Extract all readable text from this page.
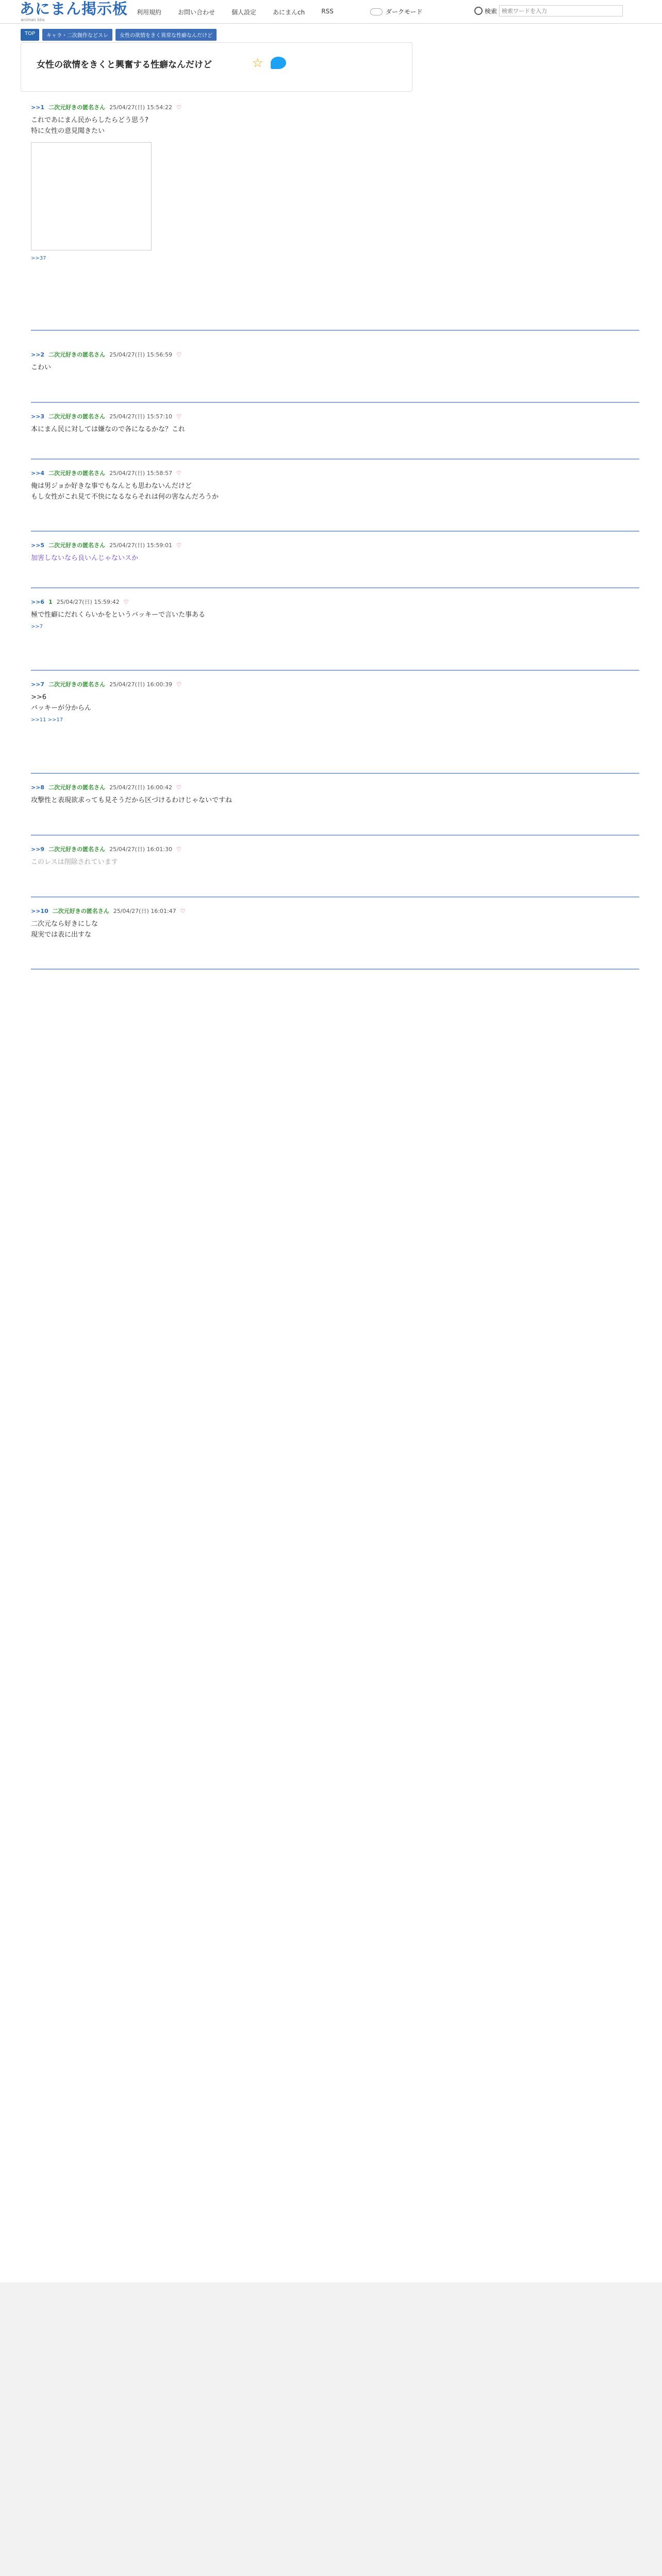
あにまん掲示板
animan bbs
利用規約	お問い合わせ	個人設定	あにまんch	RSS	ダークモード	検索
検索ワードを入力
TOP	キャラ・二次創作などスレ	女性の欲情をきく異常な性癖なんだけど
女性の欲情をきくと興奮する性癖なんだけど	☆
>>1 二次元好きの匿名さん 25/04/27(日) 15:54:22 ♡
これであにまん民からしたらどう思う?
特に女性の意見聞きたい
>>37
>>2 二次元好きの匿名さん 25/04/27(日) 15:56:59 ♡
こわい
>>3 二次元好きの匿名さん 25/04/27(日) 15:57:10 ♡
本にまん民に対しては嫌なので各になるかな？これ
>>4 二次元好きの匿名さん 25/04/27(日) 15:58:57 ♡
俺は男ジョか好きな事でもなんとも思わないんだけど
もし女性がこれ見て不快になるならそれは何の害なんだろうか
>>5 二次元好きの匿名さん 25/04/27(日) 15:59:01 ♡
加害しないなら良いんじゃないスか
>>6 1 25/04/27(日) 15:59:42 ♡
極で性癖にだれくらいかをというバッキーで言いた事ある
>>7
>>7 二次元好きの匿名さん 25/04/27(日) 16:00:39 ♡
>>6
バッキーが分からん
>>11 >>17
>>8 二次元好きの匿名さん 25/04/27(日) 16:00:42 ♡
攻撃性と表現欲求っても見そうだから区づけるわけじゃないですね
>>9 二次元好きの匿名さん 25/04/27(日) 16:01:30 ♡
このレスは削除されています
>>10 二次元好きの匿名さん 25/04/27(日) 16:01:47 ♡
二次元なら好きにしな
現実では表に出すな
